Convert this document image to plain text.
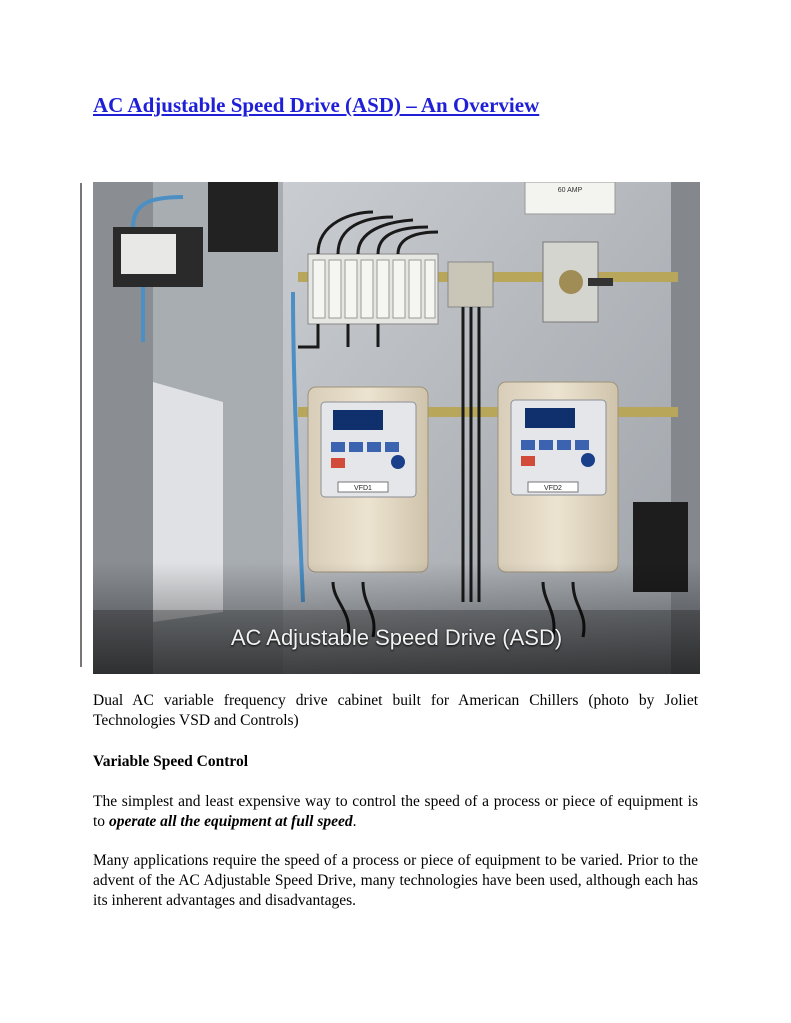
AC Adjustable Speed Drive (ASD) – An Overview
60 AMP
VFD1	VFD2
AC Adjustable Speed Drive (ASD)

Dual AC variable frequency drive cabinet built for American Chillers (photo by Joliet Technologies VSD and Controls)

Variable Speed Control

The simplest and least expensive way to control the speed of a process or piece of equipment is to operate all the equipment at full speed.

Many applications require the speed of a process or piece of equipment to be varied. Prior to the advent of the AC Adjustable Speed Drive, many technologies have been used, although each has its inherent advantages and disadvantages.
